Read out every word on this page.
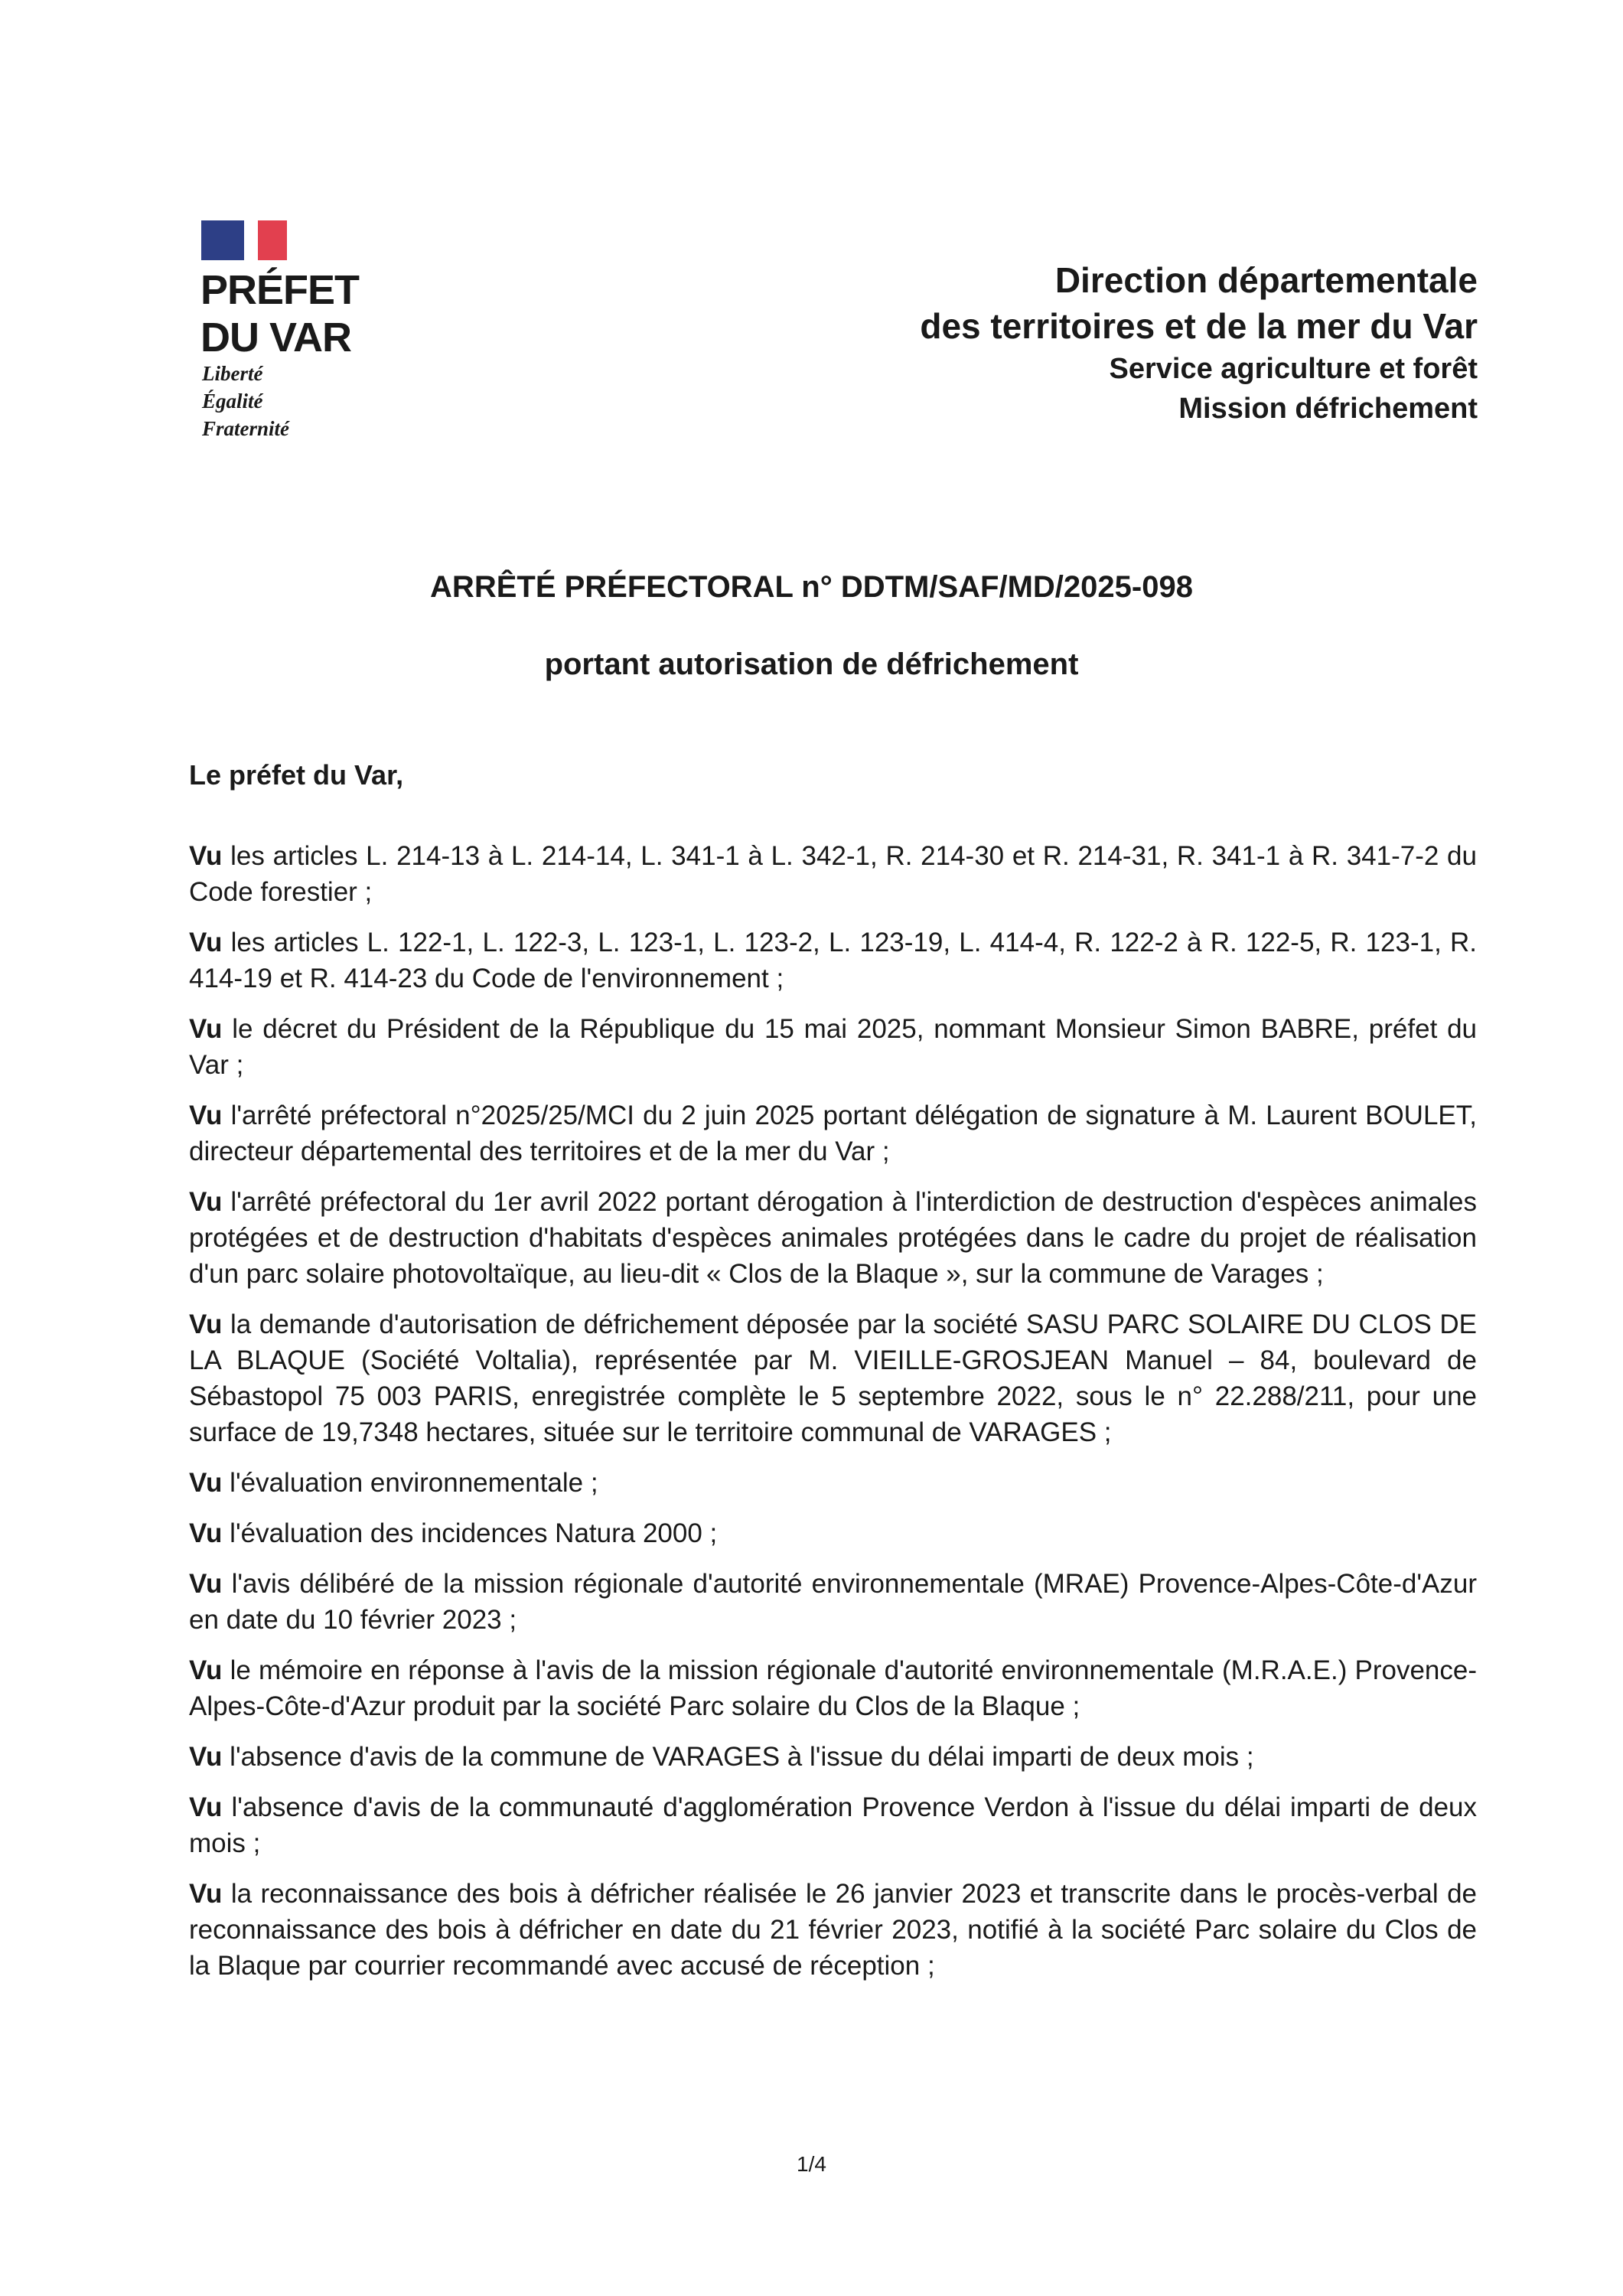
PRÉFET
DU VAR
Liberté
Égalité
Fraternité
Direction départementale
des territoires et de la mer du Var
Service agriculture et forêt
Mission défrichement
ARRÊTÉ PRÉFECTORAL n° DDTM/SAF/MD/2025-098
portant autorisation de défrichement
Le préfet du Var,

Vu les articles L. 214-13 à L. 214-14, L. 341-1 à L. 342-1, R. 214-30 et R. 214-31, R. 341-1 à R. 341-7-2 du Code forestier ;

Vu les articles L. 122-1, L. 122-3, L. 123-1, L. 123-2, L. 123-19, L. 414-4, R. 122-2 à R. 122-5, R. 123-1, R. 414-19 et R. 414-23 du Code de l'environnement ;

Vu le décret du Président de la République du 15 mai 2025, nommant Monsieur Simon BABRE, préfet du Var ;

Vu l'arrêté préfectoral n°2025/25/MCI du 2 juin 2025 portant délégation de signature à M. Laurent BOULET, directeur départemental des territoires et de la mer du Var ;

Vu l'arrêté préfectoral du 1er avril 2022 portant dérogation à l'interdiction de destruction d'espèces animales protégées et de destruction d'habitats d'espèces animales protégées dans le cadre du projet de réalisation d'un parc solaire photovoltaïque, au lieu-dit « Clos de la Blaque », sur la commune de Varages ;

Vu la demande d'autorisation de défrichement déposée par la société SASU PARC SOLAIRE DU CLOS DE LA BLAQUE (Société Voltalia), représentée par M. VIEILLE-GROSJEAN Manuel – 84, boulevard de Sébastopol 75 003 PARIS, enregistrée complète le 5 septembre 2022, sous le n° 22.288/211, pour une surface de 19,7348 hectares, située sur le territoire communal de VARAGES ;

Vu l'évaluation environnementale ;

Vu l'évaluation des incidences Natura 2000 ;

Vu l'avis délibéré de la mission régionale d'autorité environnementale (MRAE) Provence-Alpes-Côte-d'Azur en date du 10 février 2023 ;

Vu le mémoire en réponse à l'avis de la mission régionale d'autorité environnementale (M.R.A.E.) Provence-Alpes-Côte-d'Azur produit par la société Parc solaire du Clos de la Blaque ;

Vu l'absence d'avis de la commune de VARAGES à l'issue du délai imparti de deux mois ;

Vu l'absence d'avis de la communauté d'agglomération Provence Verdon à l'issue du délai imparti de deux mois ;

Vu la reconnaissance des bois à défricher réalisée le 26 janvier 2023 et transcrite dans le procès-verbal de reconnaissance des bois à défricher en date du 21 février 2023, notifié à la société Parc solaire du Clos de la Blaque par courrier recommandé avec accusé de réception ;

1/4
